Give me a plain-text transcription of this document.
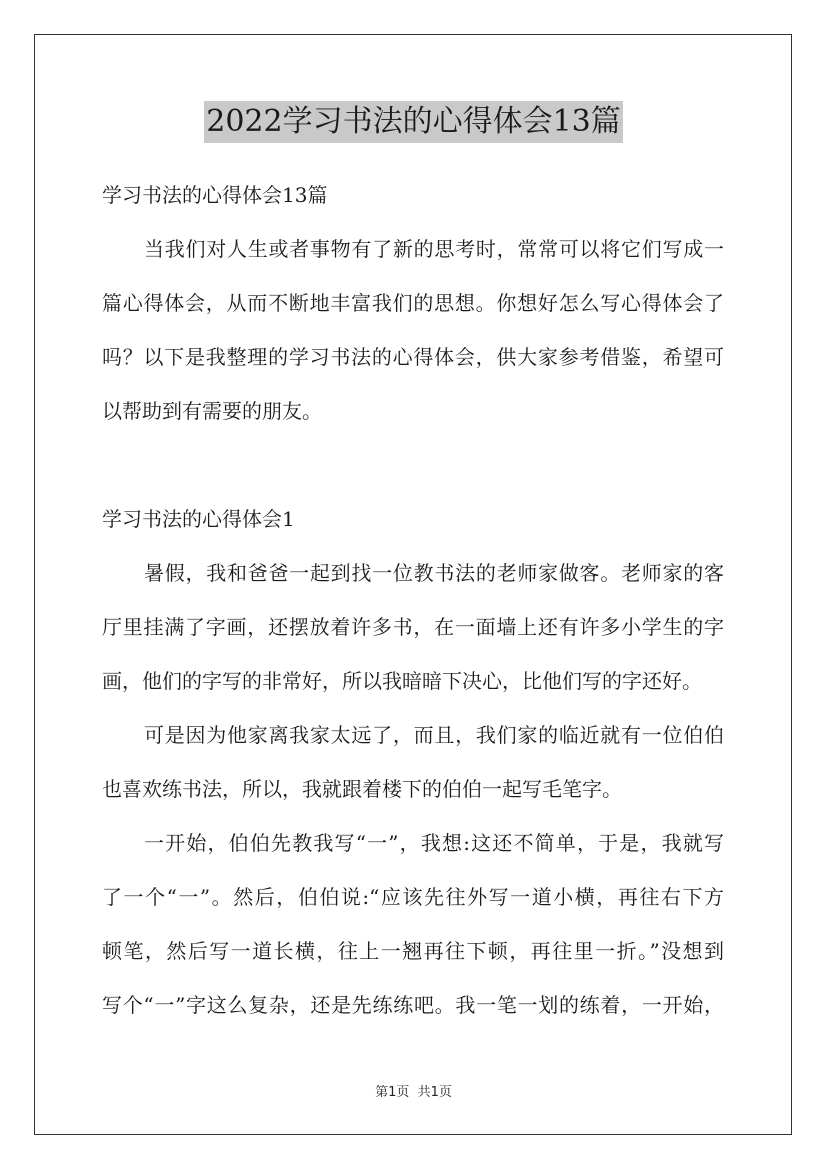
2022学习书法的心得体会13篇

学习书法的心得体会13篇

当我们对人生或者事物有了新的思考时，常常可以将它们写成一

篇心得体会，从而不断地丰富我们的思想。你想好怎么写心得体会了

吗？以下是我整理的学习书法的心得体会，供大家参考借鉴，希望可

以帮助到有需要的朋友。

学习书法的心得体会1

暑假，我和爸爸一起到找一位教书法的老师家做客。老师家的客

厅里挂满了字画，还摆放着许多书，在一面墙上还有许多小学生的字

画，他们的字写的非常好，所以我暗暗下决心，比他们写的字还好。

可是因为他家离我家太远了，而且，我们家的临近就有一位伯伯

也喜欢练书法，所以，我就跟着楼下的伯伯一起写毛笔字。

一开始，伯伯先教我写“一”，我想:这还不简单，于是，我就写

了一个“一”。然后，伯伯说:“应该先往外写一道小横，再往右下方

顿笔，然后写一道长横，往上一翘再往下顿，再往里一折。”没想到

写个“一”字这么复杂，还是先练练吧。我一笔一划的练着，一开始，

第1页  共1页
